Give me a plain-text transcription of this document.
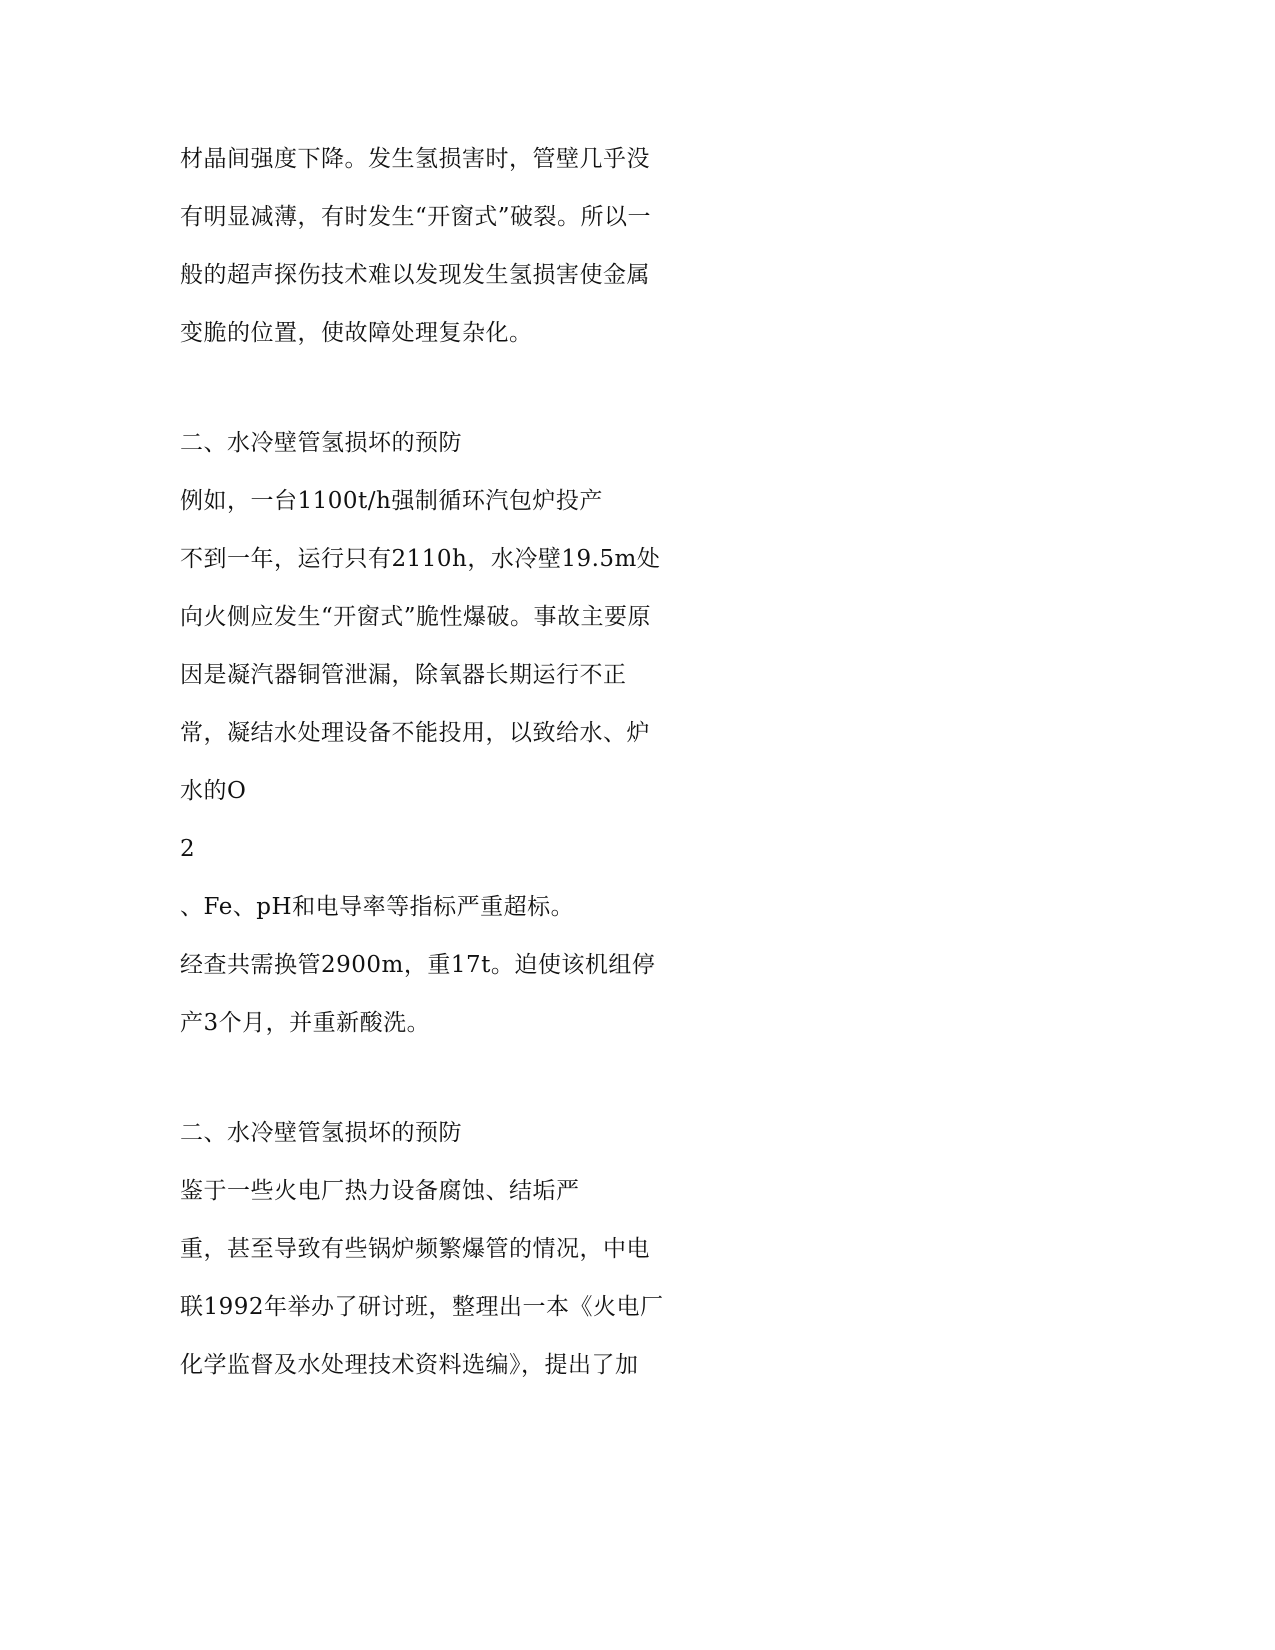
材晶间强度下降。发生氢损害时，管壁几乎没
有明显减薄，有时发生“开窗式”破裂。所以一
般的超声探伤技术难以发现发生氢损害使金属
变脆的位置，使故障处理复杂化。
二、水冷壁管氢损坏的预防
例如，一台1100t/h强制循环汽包炉投产
不到一年，运行只有2110h，水冷壁19.5m处
向火侧应发生“开窗式”脆性爆破。事故主要原
因是凝汽器铜管泄漏，除氧器长期运行不正
常，凝结水处理设备不能投用，以致给水、炉
水的O
2
、Fe、pH和电导率等指标严重超标。
经查共需换管2900m，重17t。迫使该机组停
产3个月，并重新酸洗。
二、水冷壁管氢损坏的预防
鉴于一些火电厂热力设备腐蚀、结垢严
重，甚至导致有些锅炉频繁爆管的情况，中电
联1992年举办了研讨班，整理出一本《火电厂
化学监督及水处理技术资料选编》，提出了加
